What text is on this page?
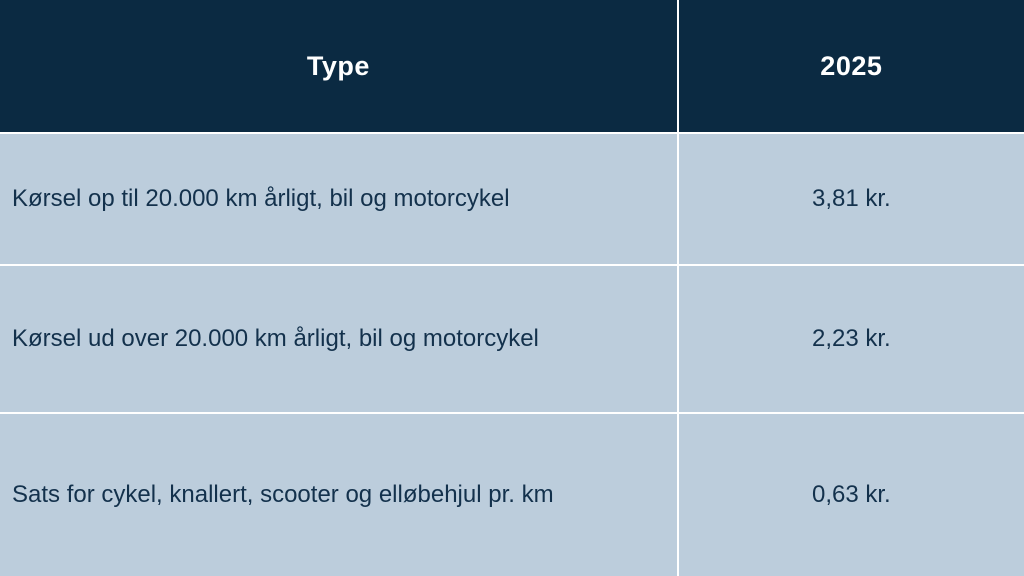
Type	2025
Kørsel op til 20.000 km årligt, bil og motorcykel	3,81 kr.
Kørsel ud over 20.000 km årligt, bil og motorcykel	2,23 kr.
Sats for cykel, knallert, scooter og elløbehjul pr. km	0,63 kr.
